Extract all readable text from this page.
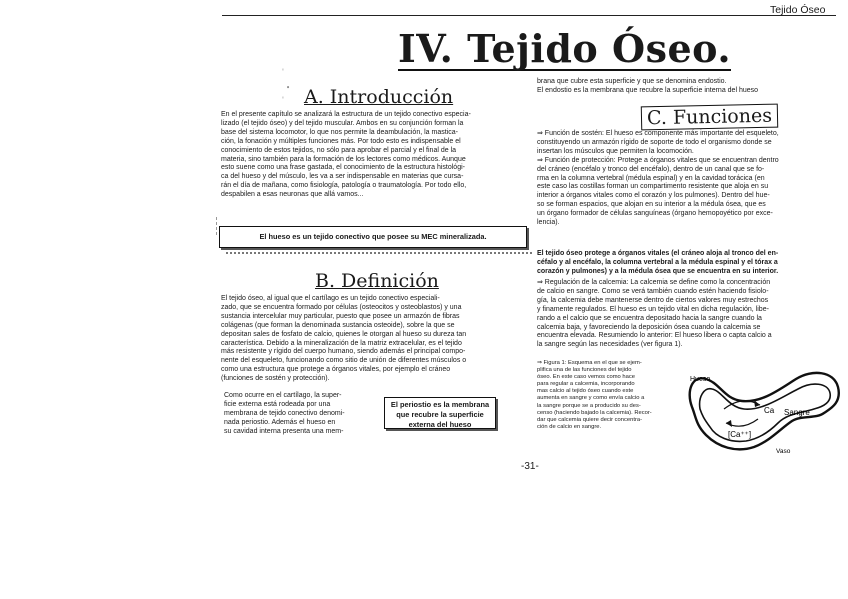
Tejido Óseo
IV. Tejido Óseo.
'
•
' A. Introducción
En el presente capítulo se analizará la estructura de un tejido conectivo especia-
lizado (el tejido óseo) y del tejido muscular. Ambos en su conjunción forman la
base del sistema locomotor, lo que nos permite la deambulación, la mastica-
ción, la fonación y múltiples funciones más. Por todo esto es indispensable el
conocimiento de estos tejidos, no sólo para aprobar el parcial y el final de la
materia, sino también para la formación de los lectores como médicos. Aunque
esto suene como una frase gastada, el conocimiento de la estructura histológi-
ca del hueso y del músculo, les va a ser indispensable en materias que cursa-
rán el día de mañana, como fisiología, patología o traumatología. Por todo ello,
despabilen a esas neuronas que allá vamos...
El hueso es un tejido conectivo que posee su MEC mineralizada.
B. Definición
El tejido óseo, al igual que el cartílago es un tejido conectivo especiali-
zado, que se encuentra formado por células (osteocitos y osteoblastos) y una
sustancia intercelular muy particular, puesto que posee un armazón de fibras
colágenas (que forman la denominada sustancia osteoide), sobre la que se
depositan sales de fosfato de calcio, quienes le otorgan al hueso su dureza tan
característica. Debido a la mineralización de la matriz extracelular, es el tejido
más resistente y rígido del cuerpo humano, siendo además el principal compo-
nente del esqueleto, funcionando como sitio de unión de diferentes músculos o
como una estructura que protege a órganos vitales, por ejemplo el cráneo
(funciones de sostén y protección).
Como ocurre en el cartílago, la super-
ficie externa está rodeada por una
membrana de tejido conectivo denomi-
nada periostio. Además el hueso en
su cavidad interna presenta una mem-
El periostio es la membrana que recubre la superficie externa del hueso
brana que cubre esta superficie y que se denomina endostio.
El endostio es la membrana que recubre la superficie interna del hueso
C. Funciones
⇒ Función de sostén: El hueso es componente más importante del esqueleto,
constituyendo un armazón rígido de soporte de todo el organismo donde se
insertan los músculos que permiten la locomoción.
⇒ Función de protección: Protege a órganos vitales que se encuentran dentro
del cráneo (encéfalo y tronco del encéfalo), dentro de un canal que se fo-
rma en la columna vertebral (médula espinal) y en la cavidad torácica (en
este caso las costillas forman un compartimento resistente que aloja en su
interior a órganos vitales como el corazón y los pulmones). Dentro del hue-
so se forman espacios, que alojan en su interior a la médula ósea, que es
un órgano formador de células sanguíneas (órgano hemopoyético por exce-
lencia).
El tejido óseo protege a órganos vitales (el cráneo aloja al tronco del en-
céfalo y al encéfalo, la columna vertebral a la médula espinal y el tórax a
corazón y pulmones) y a la médula ósea que se encuentra en su interior.
⇒ Regulación de la calcemia: La calcemia se define como la concentración
de calcio en sangre. Como se verá también cuando estén haciendo fisiolo-
gía, la calcemia debe mantenerse dentro de ciertos valores muy estrechos
y finamente regulados. El hueso es un tejido vital en dicha regulación, libe-
rando a el calcio que se encuentra depositado hacia la sangre cuando la
calcemia baja, y favoreciendo la deposición ósea cuando la calcemia se
encuentra elevada. Resumiendo lo anterior: El hueso libera o capta calcio a
la sangre según las necesidades (ver figura 1).
⇒ Figura 1: Esquema en el que se ejem-
plifica una de las funciones del tejido
óseo. En este caso vemos como hace
para regular a calcemia, incorporando
mas calcio al tejido óseo cuando este
aumenta en sangre y como envía calcio a
la sangre porque se a producido su des-
censo (haciendo bajado la calcemia). Recor-
dar que calcemia quiere decir concentra-
ción de calcio en sangre.
Hueso
Ca Sangre
[Ca⁺⁺]
Vaso
-31-
